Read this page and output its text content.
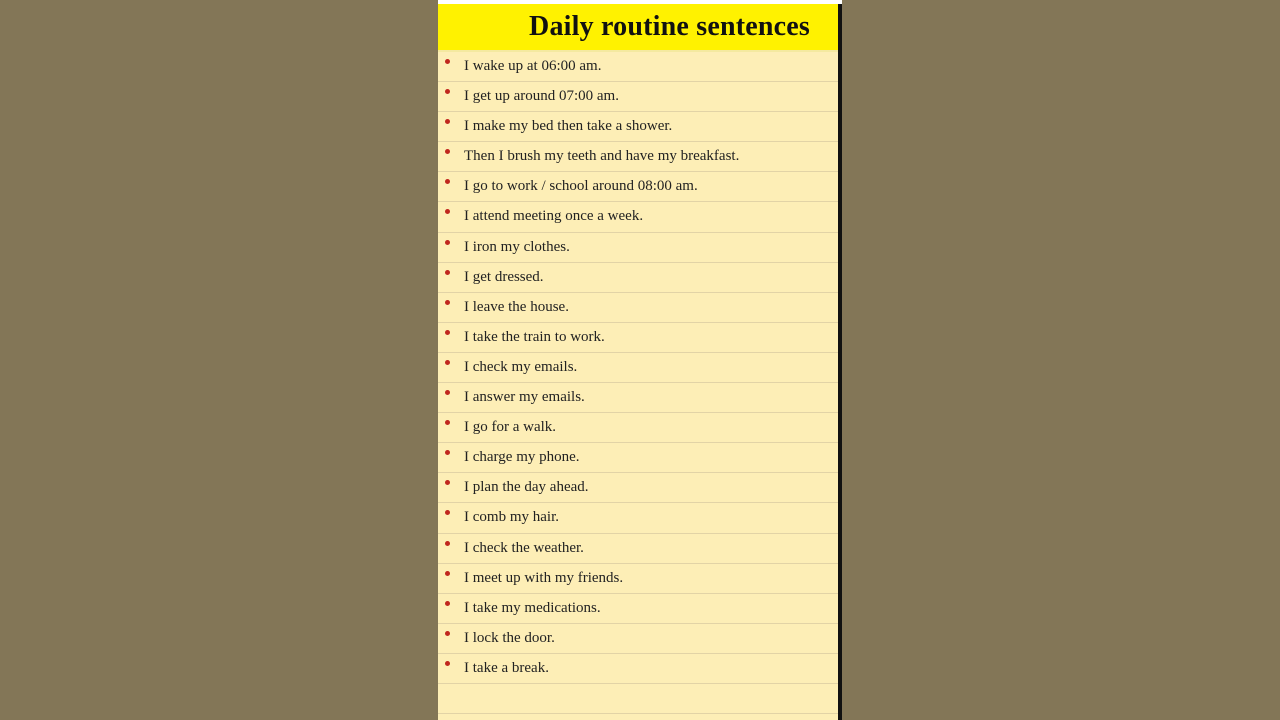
Daily routine sentences
I wake up at 06:00 am.
I get up around 07:00 am.
I make my bed then take a shower.
Then I brush my teeth and have my breakfast.
I go to work / school around 08:00 am.
I attend meeting once a week.
I iron my clothes.
I get dressed.
I leave the house.
I take the train to work.
I check my emails.
I answer my emails.
I go for a walk.
I charge my phone.
I plan the day ahead.
I comb my hair.
I check the weather.
I meet up with my friends.
I take my medications.
I lock the door.
I take a break.
